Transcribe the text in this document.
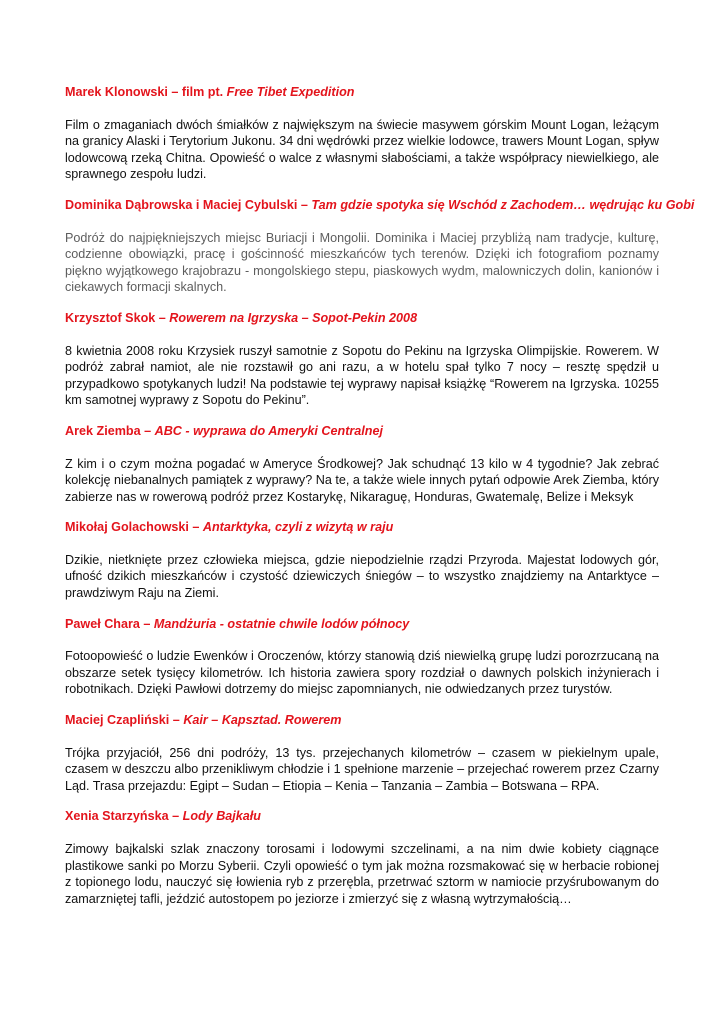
Marek Klonowski – film pt. Free Tibet Expedition

Film o zmaganiach dwóch śmiałków z największym na świecie masywem górskim Mount Logan, leżącym na granicy Alaski i Terytorium Jukonu. 34 dni wędrówki przez wielkie lodowce, trawers Mount Logan, spływ lodowcową rzeką Chitna. Opowieść o walce z własnymi słabościami, a także współpracy niewielkiego, ale sprawnego zespołu ludzi.

Dominika Dąbrowska i Maciej Cybulski – Tam gdzie spotyka się Wschód z Zachodem… wędrując ku Gobi

Podróż do najpiękniejszych miejsc Buriacji i Mongolii. Dominika i Maciej przybliżą nam tradycje, kulturę, codzienne obowiązki, pracę i gościnność mieszkańców tych terenów. Dzięki ich fotografiom poznamy piękno wyjątkowego krajobrazu - mongolskiego stepu, piaskowych wydm, malowniczych dolin, kanionów i ciekawych formacji skalnych.

Krzysztof Skok – Rowerem na Igrzyska – Sopot-Pekin 2008

8 kwietnia 2008 roku Krzysiek ruszył samotnie z Sopotu do Pekinu na Igrzyska Olimpijskie. Rowerem. W podróż zabrał namiot, ale nie rozstawił go ani razu, a w hotelu spał tylko 7 nocy – resztę spędził u przypadkowo spotykanych ludzi! Na podstawie tej wyprawy napisał książkę “Rowerem na Igrzyska. 10255 km samotnej wyprawy z Sopotu do Pekinu”.

Arek Ziemba – ABC - wyprawa do Ameryki Centralnej

Z kim i o czym można pogadać w Ameryce Środkowej? Jak schudnąć 13 kilo w 4 tygodnie? Jak zebrać kolekcję niebanalnych pamiątek z wyprawy? Na te, a także wiele innych pytań odpowie Arek Ziemba, który zabierze nas w rowerową podróż przez Kostarykę, Nikaraguę, Honduras, Gwatemalę, Belize i Meksyk

Mikołaj Golachowski – Antarktyka, czyli z wizytą w raju

Dzikie, nietknięte przez człowieka miejsca, gdzie niepodzielnie rządzi Przyroda. Majestat lodowych gór, ufność dzikich mieszkańców i czystość dziewiczych śniegów – to wszystko znajdziemy na Antarktyce – prawdziwym Raju na Ziemi.

Paweł Chara – Mandżuria - ostatnie chwile lodów północy

Fotoopowieść o ludzie Ewenków i Oroczenów, którzy stanowią dziś niewielką grupę ludzi porozrzucaną na obszarze setek tysięcy kilometrów. Ich historia zawiera spory rozdział o dawnych polskich inżynierach i robotnikach. Dzięki Pawłowi dotrzemy do miejsc zapomnianych, nie odwiedzanych przez turystów.

Maciej Czapliński – Kair – Kapsztad. Rowerem

Trójka przyjaciół, 256 dni podróży, 13 tys. przejechanych kilometrów – czasem w piekielnym upale, czasem w deszczu albo przenikliwym chłodzie i 1 spełnione marzenie – przejechać rowerem przez Czarny Ląd. Trasa przejazdu: Egipt – Sudan – Etiopia – Kenia – Tanzania – Zambia – Botswana – RPA.

Xenia Starzyńska – Lody Bajkału

Zimowy bajkalski szlak znaczony torosami i lodowymi szczelinami, a na nim dwie kobiety ciągnące plastikowe sanki po Morzu Syberii. Czyli opowieść o tym jak można rozsmakować się w herbacie robionej z topionego lodu, nauczyć się łowienia ryb z przerębla, przetrwać sztorm w namiocie przyśrubowanym do zamarzniętej tafli, jeździć autostopem po jeziorze i zmierzyć się z własną wytrzymałością…
